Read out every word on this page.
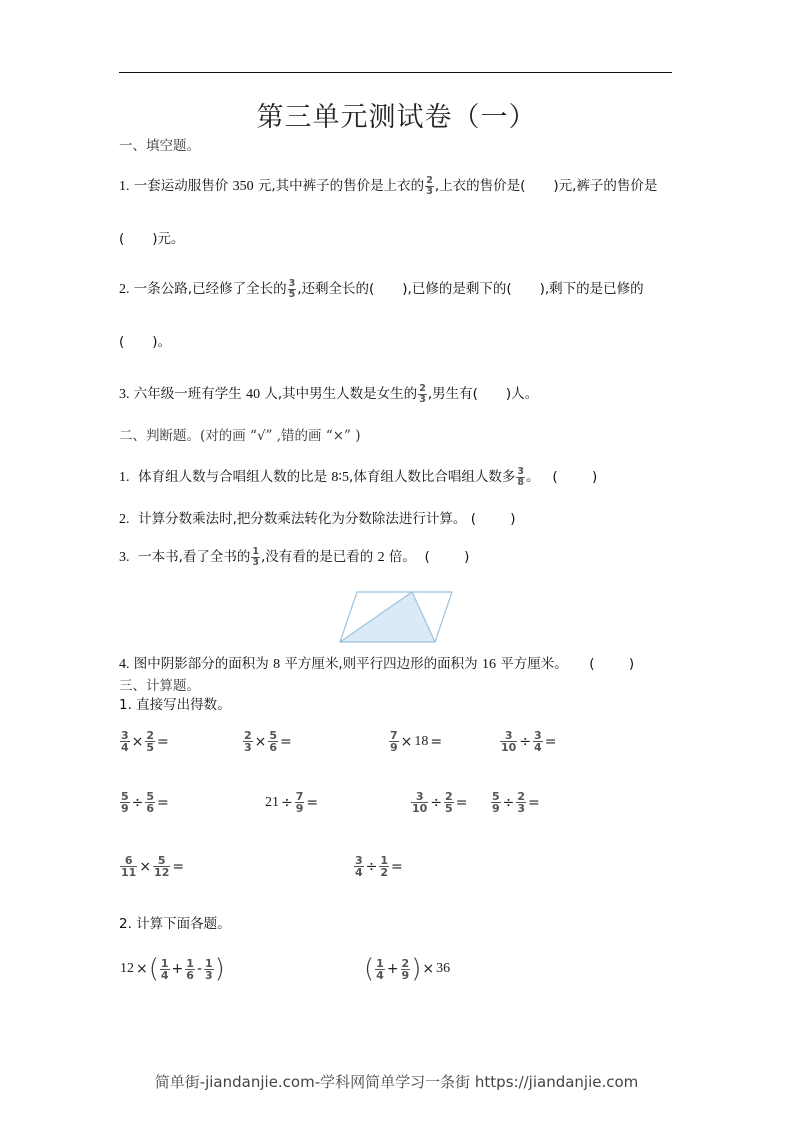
第三单元测试卷（一）
一、填空题。
1. 一套运动服售价 350 元,其中裤子的售价是上衣的 $\frac{2}{3}$ ,上衣的售价是( )元,裤子的售价是
( )元。
2. 一条公路,已经修了全长的 $\frac{3}{5}$ ,还剩全长的( ),已修的是剩下的( ),剩下的是已修的
( )。
3. 六年级一班有学生 40 人,其中男生人数是女生的 $\frac{2}{3}$ ,男生有( )人。
二、判断题。(对的画 “√” ,错的画 “×” )
1. 体育组人数与合唱组人数的比是 8∶5,体育组人数比合唱组人数多 $\frac{3}{8}$ 。 (        )
2. 计算分数乘法时,把分数乘法转化为分数除法进行计算。 (        )
3. 一本书,看了全书的 $\frac{1}{3}$ ,没有看的是已看的 2 倍。 (        )
4. 图中阴影部分的面积为 8 平方厘米,则平行四边形的面积为 16 平方厘米。 (        )
三、计算题。
1. 直接写出得数。
$\frac{3}{4} \times \frac{2}{5}$ =	$\frac{2}{3} \times \frac{5}{6}$ =	$\frac{7}{9} \times 18$ =	$\frac{3}{10} \div \frac{3}{4}$ =
$\frac{5}{9} \div \frac{5}{6}$ =	$21 \div \frac{7}{9}$ =	$\frac{3}{10} \div \frac{2}{5} = \frac{5}{9} \div \frac{2}{3}$ =
$\frac{6}{11} \times \frac{5}{12}$ =	$\frac{3}{4} \div \frac{1}{2}$ =
2. 计算下面各题。
12 × ( $\frac{1}{4} + \frac{1}{6} - \frac{1}{3}$ )	( $\frac{1}{4} + \frac{2}{9}$ ) × 36
简单街-jiandanjie.com-学科网简单学习一条街 https://jiandanjie.com
